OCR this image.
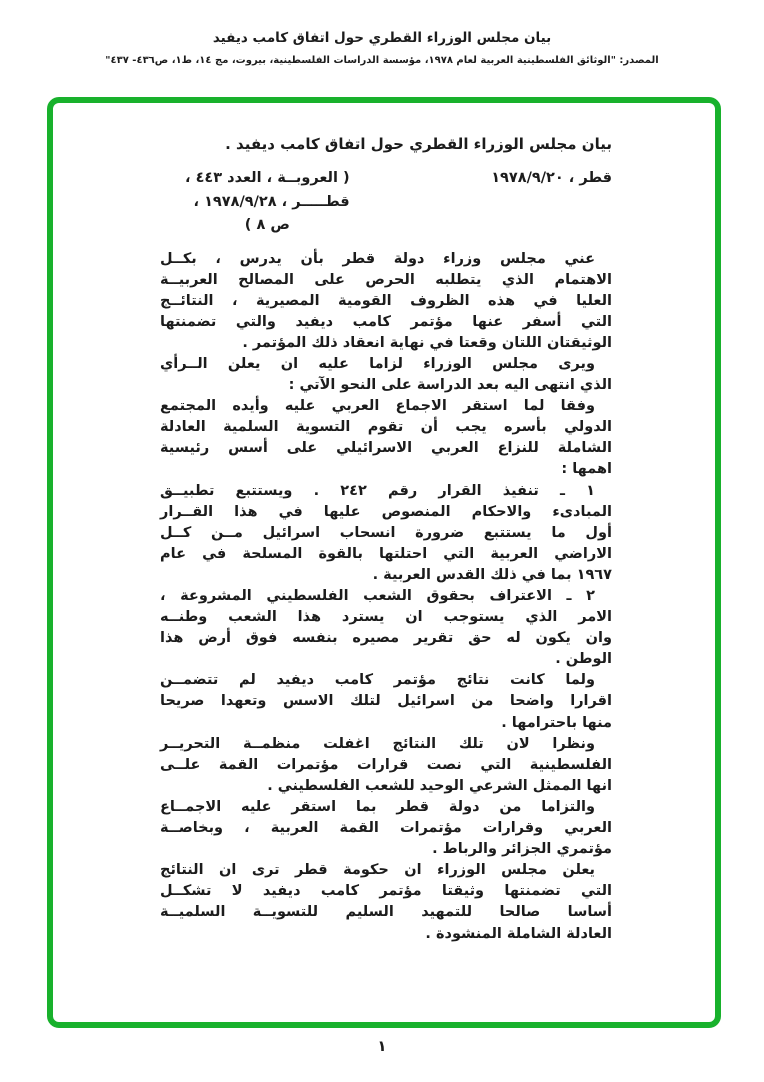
بيان مجلس الوزراء القطري حول اتفاق كامب ديفيد
المصدر: "الوثائق الفلسطينية العربية لعام ١٩٧٨، مؤسسة الدراسات الفلسطينية، بيروت، مج ١٤، ط١، ص٤٣٦- ٤٣٧"
بيان مجلس الوزراء القطري حول اتفاق كامب ديفيد .
قطر ، ١٩٧٨/٩/٢٠
( العروبــة ، العدد ٤٤٣ ،
قطـــــر ، ١٩٧٨/٩/٢٨ ،
ص ٨ )
عني مجلس وزراء دولة قطر بأن يدرس ، بكــل
الاهتمام الذي يتطلبه الحرص على المصالح العربيــة
العليا في هذه الظروف القومية المصيرية ، النتائــج
التي أسفر عنها مؤتمر كامب ديفيد والتي تضمنتها
الوثيقتان اللتان وقعتا في نهاية انعقاد ذلك المؤتمر .
ويرى مجلس الوزراء لزاما عليه ان يعلن الــرأي
الذي انتهى اليه بعد الدراسة على النحو الآتي :
وفقا لما استقر الاجماع العربي عليه وأيده المجتمع
الدولي بأسره يجب أن تقوم التسوية السلمية العادلة
الشاملة للنزاع العربي الاسرائيلي على أسس رئيسية
اهمها :
١ ـ تنفيذ القرار رقم ٢٤٢ . ويستتبع تطبيــق
المبادىء والاحكام المنصوص عليها في هذا القــرار
أول ما يستتبع ضرورة انسحاب اسرائيل مــن كــل
الاراضي العربية التي احتلتها بالقوة المسلحة في عام
١٩٦٧ بما في ذلك القدس العربية .
٢ ـ الاعتراف بحقوق الشعب الفلسطيني المشروعة ،
الامر الذي يستوجب ان يسترد هذا الشعب وطنــه
وان يكون له حق تقرير مصيره بنفسه فوق أرض هذا
الوطن .
ولما كانت نتائج مؤتمر كامب ديفيد لم تتضمــن
اقرارا واضحا من اسرائيل لتلك الاسس وتعهدا صريحا
منها باحترامها .
ونظرا لان تلك النتائج اغفلت منظمــة التحريــر
الفلسطينية التي نصت قرارات مؤتمرات القمة علــى
انها الممثل الشرعي الوحيد للشعب الفلسطيني .
والتزاما من دولة قطر بما استقر عليه الاجمــاع
العربي وقرارات مؤتمرات القمة العربية ، وبخاصــة
مؤتمري الجزائر والرباط .
يعلن مجلس الوزراء ان حكومة قطر ترى ان النتائج
التي تضمنتها وثيقتا مؤتمر كامب ديفيد لا تشكــل
أساسا صالحا للتمهيد السليم للتسويــة السلميــة
العادلة الشاملة المنشودة .
١
